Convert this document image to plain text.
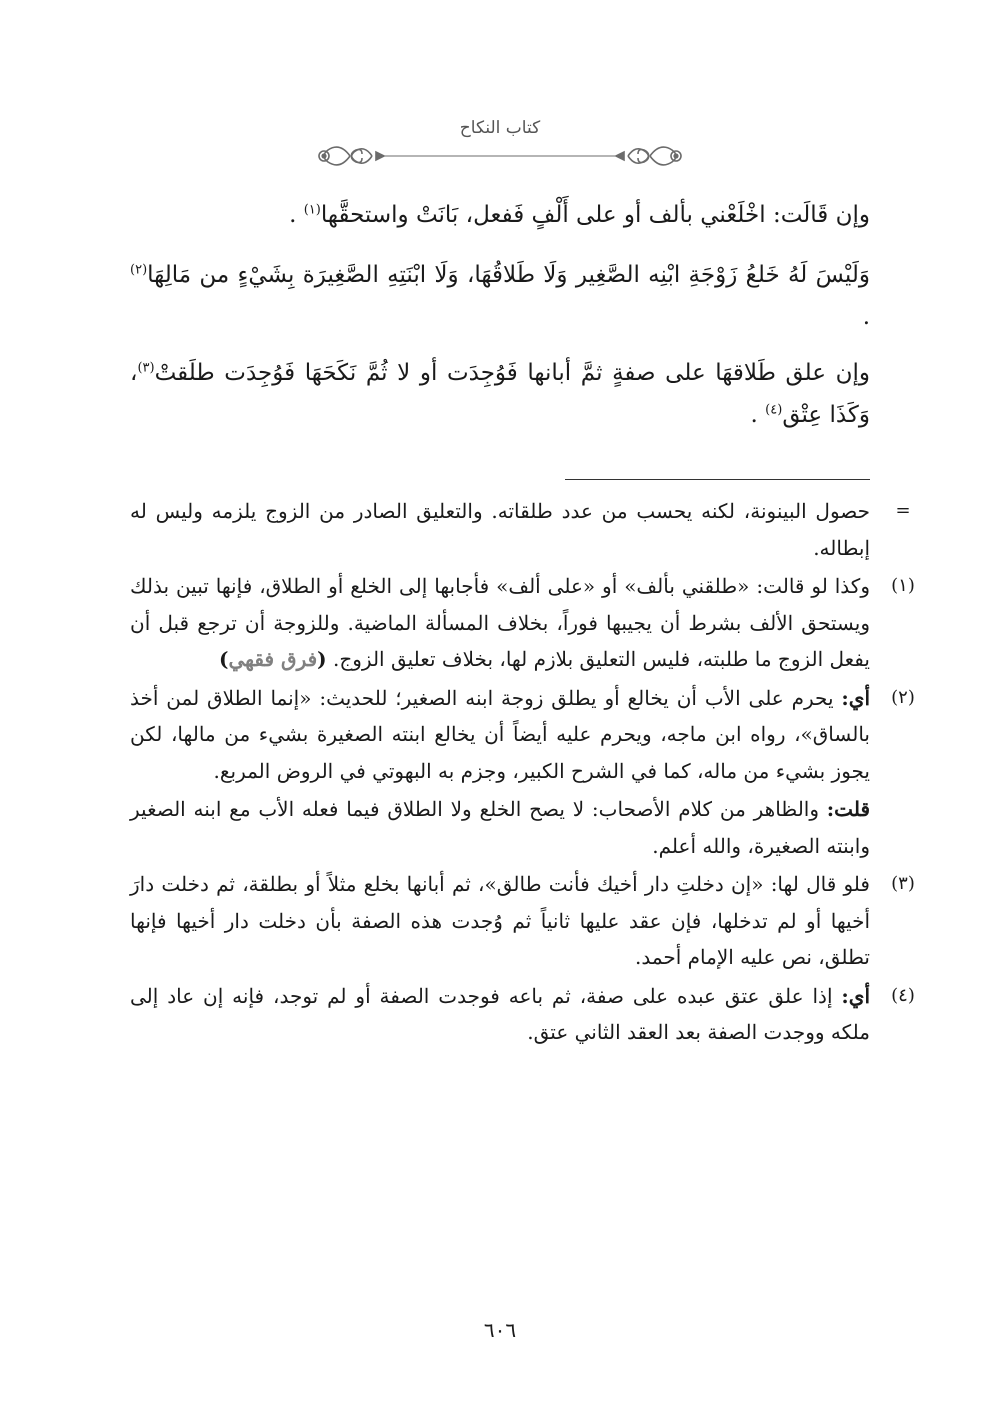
كتاب النكاح

وإن قَالَت: اخْلَعْني بألف أو على أَلْفٍ فَفعل، بَانَتْ واستحقَّها$^{(١)}$ .

وَلَيْسَ لَهُ خَلعُ زَوْجَةِ ابْنِه الصَّغِير وَلَا طَلاقُهَا، وَلَا ابْنَتِهِ الصَّغِيرَة بِشَيْءٍ من مَالِهَا$^{(٢)}$ .

وإن علق طَلاقهَا على صفةٍ ثمَّ أبانها فَوُجِدَت أو لا ثُمَّ نَكَحَهَا فَوُجِدَت طلَقتْ$^{(٣)}$، وَكَذَا عِتْق$^{(٤)}$ .

=
حصول البينونة، لكنه يحسب من عدد طلقاته. والتعليق الصادر من الزوج يلزمه وليس له إبطاله.
(١)
وكذا لو قالت: «طلقني بألف» أو «على ألف» فأجابها إلى الخلع أو الطلاق، فإنها تبين بذلك ويستحق الألف بشرط أن يجيبها فوراً، بخلاف المسألة الماضية. وللزوجة أن ترجع قبل أن يفعل الزوج ما طلبته، فليس التعليق بلازم لها، بخلاف تعليق الزوج. (فرق فقهي)
(٢)
أي: يحرم على الأب أن يخالع أو يطلق زوجة ابنه الصغير؛ للحديث: «إنما الطلاق لمن أخذ بالساق»، رواه ابن ماجه، ويحرم عليه أيضاً أن يخالع ابنته الصغيرة بشيء من مالها، لكن يجوز بشيء من ماله، كما في الشرح الكبير، وجزم به البهوتي في الروض المربع.
قلت: والظاهر من كلام الأصحاب: لا يصح الخلع ولا الطلاق فيما فعله الأب مع ابنه الصغير وابنته الصغيرة، والله أعلم.
(٣)
فلو قال لها: «إن دخلتِ دار أخيك فأنت طالق»، ثم أبانها بخلع مثلاً أو بطلقة، ثم دخلت دارَ أخيها أو لم تدخلها، فإن عقد عليها ثانياً ثم وُجدت هذه الصفة بأن دخلت دار أخيها فإنها تطلق، نص عليه الإمام أحمد.
(٤)
أي: إذا علق عتق عبده على صفة، ثم باعه فوجدت الصفة أو لم توجد، فإنه إن عاد إلى ملكه ووجدت الصفة بعد العقد الثاني عتق.
٦٠٦
